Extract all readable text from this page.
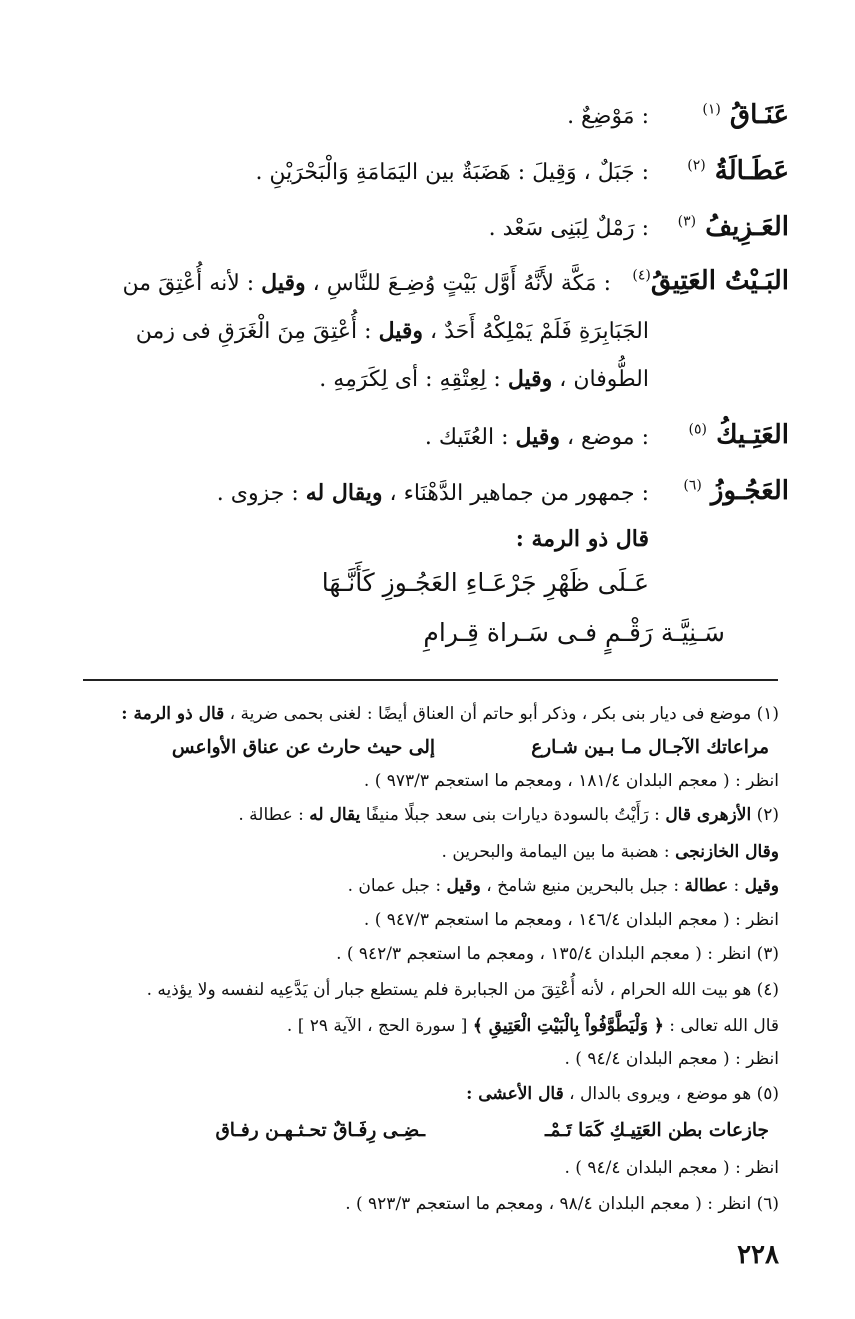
عَنَـاقُ $^{(١)}$
: مَوْضِعٌ .
عَطَـالَةُ $^{(٢)}$
: جَبَلٌ ، وَقِيلَ : هَضَبَةٌ بين اليَمَامَةِ وَالْبَحْرَيْنِ .
العَـزِيفُ $^{(٣)}$
: رَمْلٌ لِبَنِى سَعْد .
البَـيْتُ العَتِيقُ$^{(٤)}$
: مَكَّة لأَنَّهُ أَوَّل بَيْتٍ وُضِـعَ للنَّاسِ ، وقيل : لأنه أُعْتِقَ من
الجَبَابِرَةِ فَلَمْ يَمْلِكْهُ أَحَدٌ ، وقيل : أُعْتِقَ مِنَ الْغَرَقِ فى زمن
الطُّوفان ، وقيل : لِعِتْقِهِ : أى لِكَرَمِهِ .
العَتِـيكُ $^{(٥)}$
: موضع ، وقيل : العُتَيك .
العَجُـوزُ $^{(٦)}$
: جمهور من جماهير الدَّهْنَاء ، ويقال له : جزوى .
قال ذو الرمة :
عَـلَى ظَهْرِ جَرْعَـاءِ العَجُـوزِ كَأَنَّـهَا
سَـنِيَّـة رَقْـمٍ فـى سَـراة قِـرامِ
(١) موضع فى ديار بنى بكر ، وذكر أبو حاتم أن العناق أيضًا : لغنى بحمى ضرية ، قال ذو الرمة :
مراعاتك الآجـال مـا بـين شـارع
إلى حيث حارث عن عناق الأواعس
انظر : ( معجم البلدان ١٨١/٤ ، ومعجم ما استعجم ٩٧٣/٣ ) .
(٢) الأزهرى قال : رَأَيْتُ بالسودة ديارات بنى سعد جبلًا منيفًا يقال له : عطالة .
وقال الخازنجى : هضبة ما بين اليمامة والبحرين .
وقيل : عطالة : جبل بالبحرين منيع شامخ ، وقيل : جبل عمان .
انظر : ( معجم البلدان ١٤٦/٤ ، ومعجم ما استعجم ٩٤٧/٣ ) .
(٣) انظر : ( معجم البلدان ١٣٥/٤ ، ومعجم ما استعجم ٩٤٢/٣ ) .
(٤) هو بيت الله الحرام ، لأنه أُعْتِقَ من الجبابرة فلم يستطع جبار أن يَدَّعِيه لنفسه ولا يؤذيه .
قال الله تعالى : ﴿ وَلْيَطَّوَّفُواْ بِالْبَيْتِ الْعَتِيقِ ﴾ [ سورة الحج ، الآية ٢٩ ] .
انظر : ( معجم البلدان ٩٤/٤ ) .
(٥) هو موضع ، ويروى بالدال ، قال الأعشى :
جازعات بطن العَتِيـكِ كَمَا تَـمْـ
ـضِـى رِفَـاقٌ تحـثـهـن رفـاق
انظر : ( معجم البلدان ٩٤/٤ ) .
(٦) انظر : ( معجم البلدان ٩٨/٤ ، ومعجم ما استعجم ٩٢٣/٣ ) .
٢٢٨
